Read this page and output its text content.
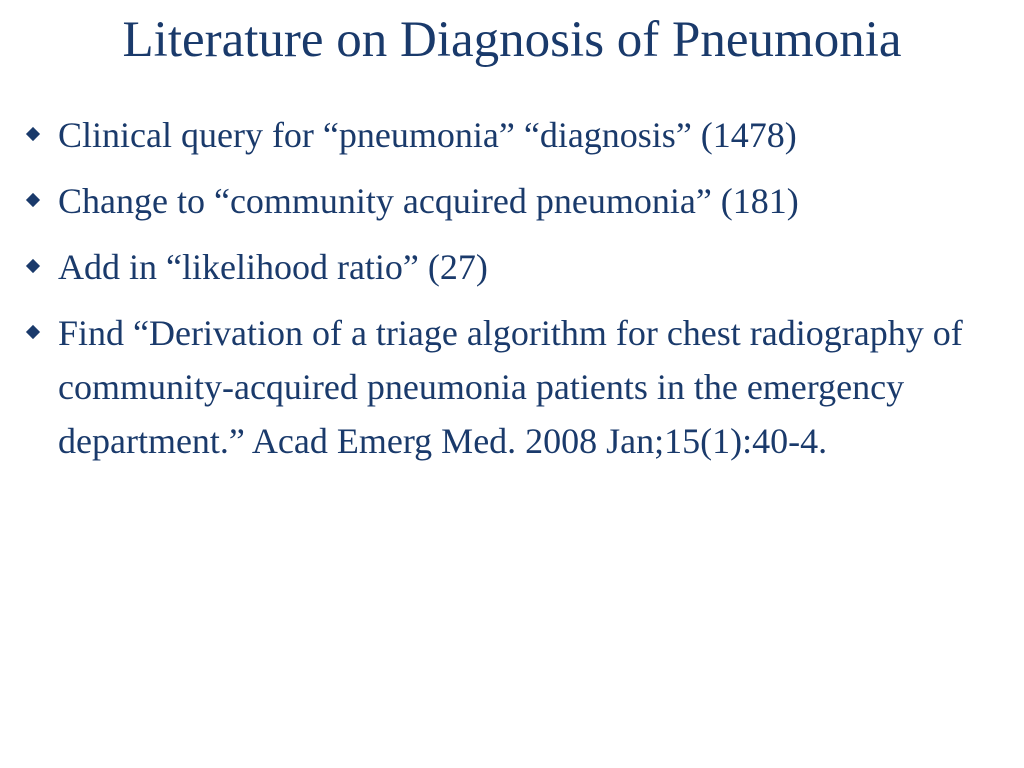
Literature on Diagnosis of Pneumonia
Clinical query for “pneumonia” “diagnosis” (1478)
Change to “community acquired pneumonia” (181)
Add in “likelihood ratio” (27)
Find “Derivation of a triage algorithm for chest radiography of community-acquired pneumonia patients in the emergency department.” Acad Emerg Med. 2008 Jan;15(1):40-4.
